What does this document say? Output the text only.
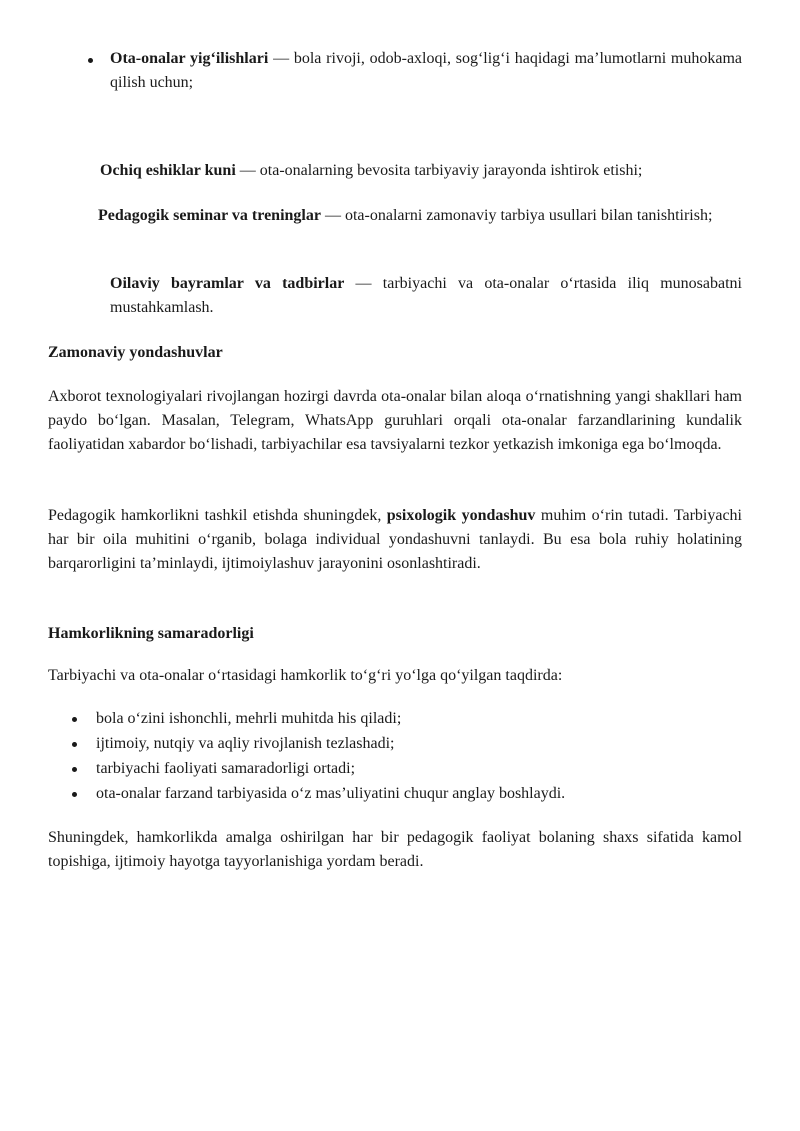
Ota-onalar yig‘ilishlari — bola rivoji, odob-axloqi, sog‘lig‘i haqidagi ma’lumotlarni muhokama qilish uchun;

Ochiq eshiklar kuni — ota-onalarning bevosita tarbiyaviy jarayonda ishtirok etishi;

Pedagogik seminar va treninglar — ota-onalarni zamonaviy tarbiya usullari bilan tanishtirish;

Oilaviy bayramlar va tadbirlar — tarbiyachi va ota-onalar o‘rtasida iliq munosabatni mustahkamlash.

Zamonaviy yondashuvlar

Axborot texnologiyalari rivojlangan hozirgi davrda ota-onalar bilan aloqa o‘rnatishning yangi shakllari ham paydo bo‘lgan. Masalan, Telegram, WhatsApp guruhlari orqali ota-onalar farzandlarining kundalik faoliyatidan xabardor bo‘lishadi, tarbiyachilar esa tavsiyalarni tezkor yetkazish imkoniga ega bo‘lmoqda.

Pedagogik hamkorlikni tashkil etishda shuningdek, psixologik yondashuv muhim o‘rin tutadi. Tarbiyachi har bir oila muhitini o‘rganib, bolaga individual yondashuvni tanlaydi. Bu esa bola ruhiy holatining barqarorligini ta’minlaydi, ijtimoiylashuv jarayonini osonlashtiradi.

Hamkorlikning samaradorligi

Tarbiyachi va ota-onalar o‘rtasidagi hamkorlik to‘g‘ri yo‘lga qo‘yilgan taqdirda:

bola o‘zini ishonchli, mehrli muhitda his qiladi;
ijtimoiy, nutqiy va aqliy rivojlanish tezlashadi;
tarbiyachi faoliyati samaradorligi ortadi;
ota-onalar farzand tarbiyasida o‘z mas’uliyatini chuqur anglay boshlaydi.

Shuningdek, hamkorlikda amalga oshirilgan har bir pedagogik faoliyat bolaning shaxs sifatida kamol topishiga, ijtimoiy hayotga tayyorlanishiga yordam beradi.
